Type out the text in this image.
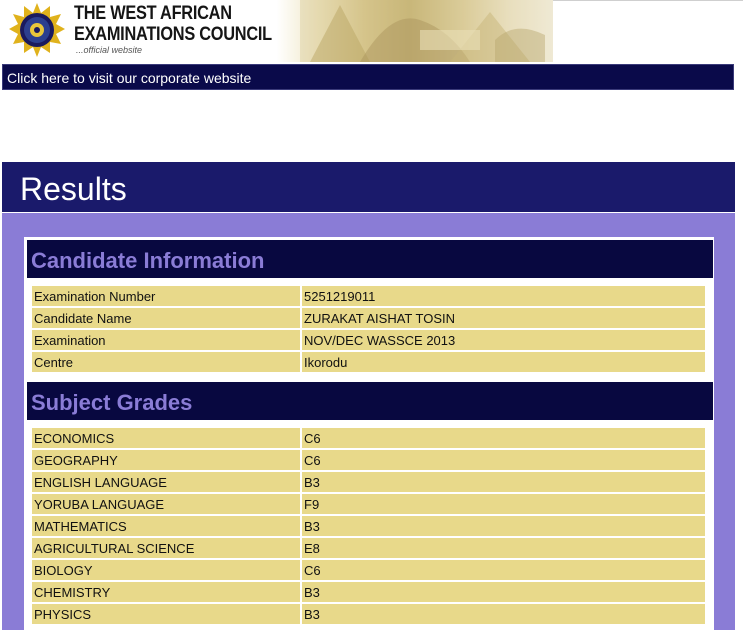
THE WEST AFRICAN
EXAMINATIONS COUNCIL
...official website
Click here to visit our corporate website
Results
Candidate Information
Examination Number	5251219011
Candidate Name	ZURAKAT AISHAT TOSIN
Examination	NOV/DEC WASSCE 2013
Centre	Ikorodu
Subject Grades
ECONOMICS	C6
GEOGRAPHY	C6
ENGLISH LANGUAGE	B3
YORUBA LANGUAGE	F9
MATHEMATICS	B3
AGRICULTURAL SCIENCE	E8
BIOLOGY	C6
CHEMISTRY	B3
PHYSICS	B3
